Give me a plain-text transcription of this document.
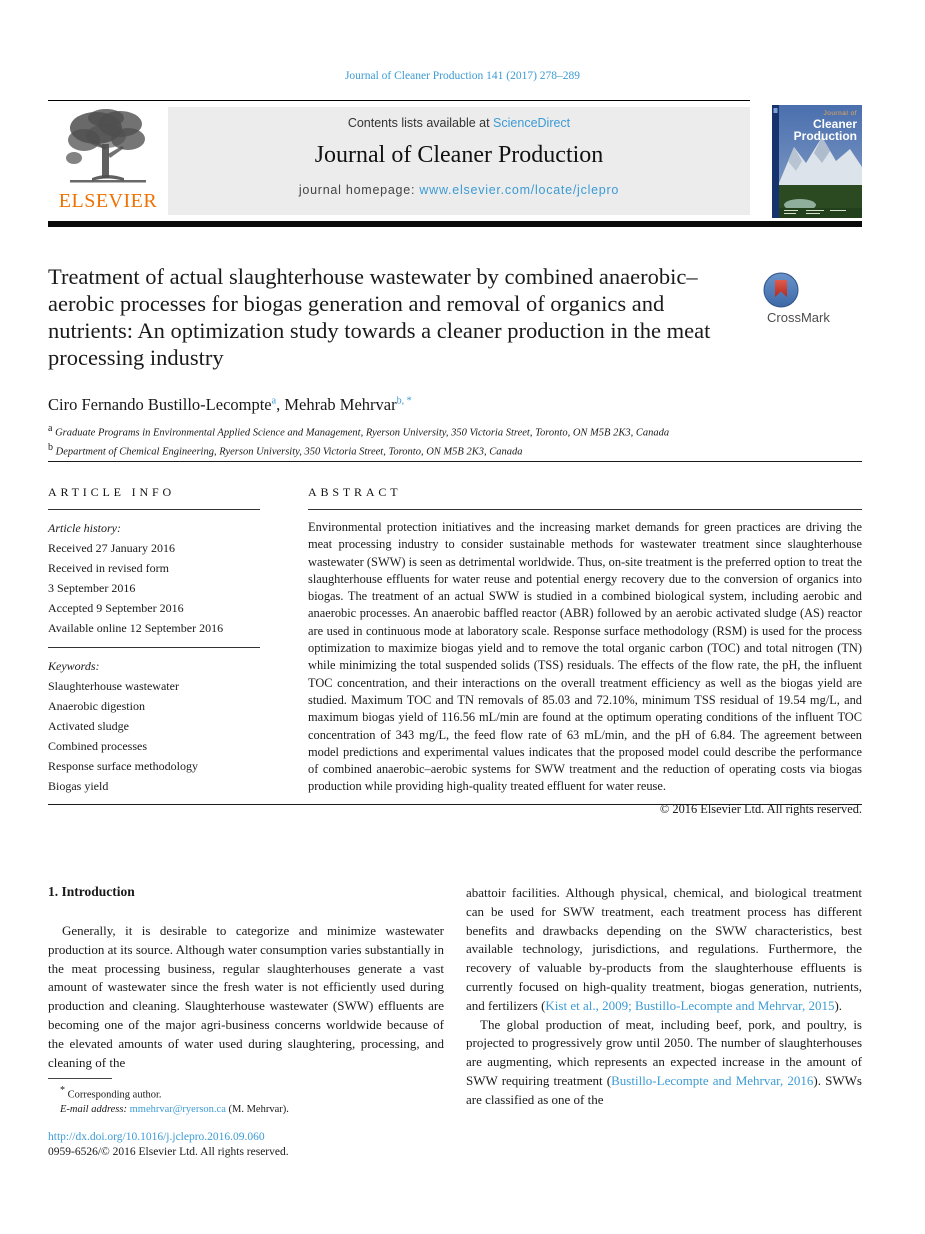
Journal of Cleaner Production 141 (2017) 278–289
ELSEVIER
Contents lists available at ScienceDirect
Journal of Cleaner Production
journal homepage: www.elsevier.com/locate/jclepro
Journal of
Cleaner
Production
Treatment of actual slaughterhouse wastewater by combined anaerobic–aerobic processes for biogas generation and removal of organics and nutrients: An optimization study towards a cleaner production in the meat processing industry
CrossMark
Ciro Fernando Bustillo-Lecompte$^a$, Mehrab Mehrvar$^{b, *}$
$^a$ Graduate Programs in Environmental Applied Science and Management, Ryerson University, 350 Victoria Street, Toronto, ON M5B 2K3, Canada
$^b$ Department of Chemical Engineering, Ryerson University, 350 Victoria Street, Toronto, ON M5B 2K3, Canada
ARTICLE INFO
Article history:
Received 27 January 2016
Received in revised form
3 September 2016
Accepted 9 September 2016
Available online 12 September 2016
Keywords:
Slaughterhouse wastewater
Anaerobic digestion
Activated sludge
Combined processes
Response surface methodology
Biogas yield
ABSTRACT
Environmental protection initiatives and the increasing market demands for green practices are driving the meat processing industry to consider sustainable methods for wastewater treatment since slaughterhouse wastewater (SWW) is seen as detrimental worldwide. Thus, on-site treatment is the preferred option to treat the slaughterhouse effluents for water reuse and potential energy recovery due to the conversion of organics into biogas. The treatment of an actual SWW is studied in a combined biological system, including aerobic and anaerobic processes. An anaerobic baffled reactor (ABR) followed by an aerobic activated sludge (AS) reactor are used in continuous mode at laboratory scale. Response surface methodology (RSM) is used for the process optimization to maximize biogas yield and to remove the total organic carbon (TOC) and total nitrogen (TN) while minimizing the total suspended solids (TSS) residuals. The effects of the flow rate, the pH, the influent TOC concentration, and their interactions on the overall treatment efficiency as well as the biogas yield are studied. Maximum TOC and TN removals of 85.03 and 72.10%, minimum TSS residual of 19.54 mg/L, and maximum biogas yield of 116.56 mL/min are found at the optimum operating conditions of the influent TOC concentration of 343 mg/L, the feed flow rate of 63 mL/min, and the pH of 6.84. The agreement between model predictions and experimental values indicates that the proposed model could describe the performance of combined anaerobic–aerobic systems for SWW treatment and the reduction of operating costs via biogas production while providing high-quality treated effluent for water reuse.
© 2016 Elsevier Ltd. All rights reserved.
1. Introduction

Generally, it is desirable to categorize and minimize wastewater production at its source. Although water consumption varies substantially in the meat processing business, regular slaughterhouses generate a vast amount of wastewater since the fresh water is not efficiently used during production and cleaning. Slaughterhouse wastewater (SWW) effluents are becoming one of the major agri-business concerns worldwide because of the elevated amounts of water used during slaughtering, processing, and cleaning of the

abattoir facilities. Although physical, chemical, and biological treatment can be used for SWW treatment, each treatment process has different benefits and drawbacks depending on the SWW characteristics, best available technology, jurisdictions, and regulations. Furthermore, the recovery of valuable by-products from the slaughterhouse effluents is currently focused on high-quality treatment, biogas generation, nutrients, and fertilizers (Kist et al., 2009; Bustillo-Lecompte and Mehrvar, 2015).

The global production of meat, including beef, pork, and poultry, is projected to progressively grow until 2050. The number of slaughterhouses are augmenting, which represents an expected increase in the amount of SWW requiring treatment (Bustillo-Lecompte and Mehrvar, 2016). SWWs are classified as one of the

* Corresponding author.
E-mail address: mmehrvar@ryerson.ca (M. Mehrvar).
http://dx.doi.org/10.1016/j.jclepro.2016.09.060
0959-6526/© 2016 Elsevier Ltd. All rights reserved.
